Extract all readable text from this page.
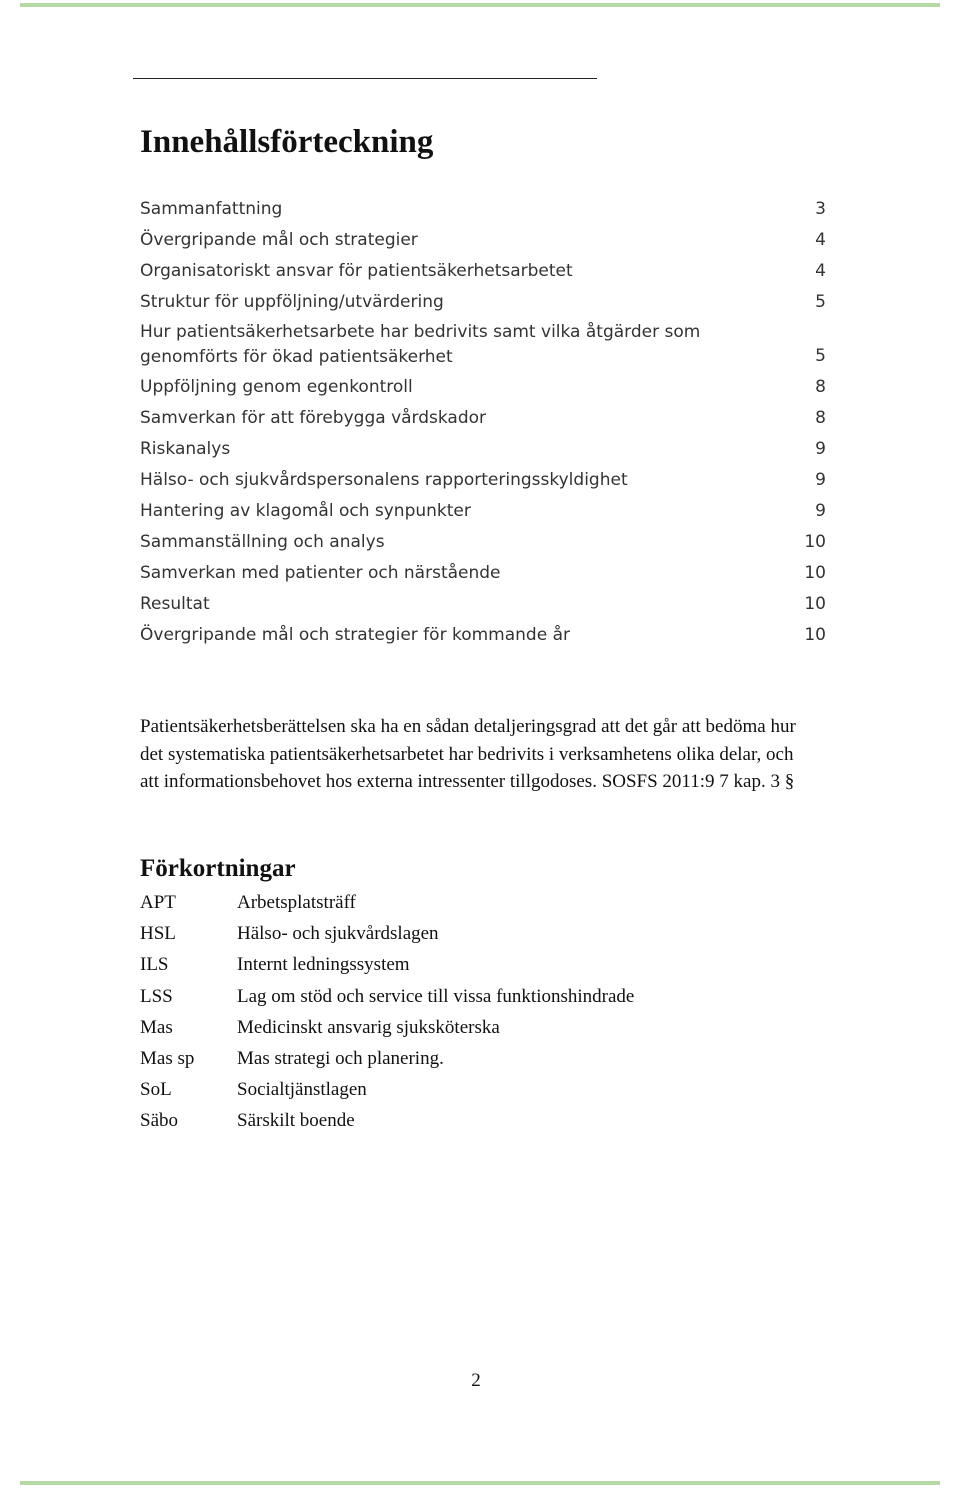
Innehållsförteckning
Sammanfattning	3
Övergripande mål och strategier	4
Organisatoriskt ansvar för patientsäkerhetsarbetet	4
Struktur för uppföljning/utvärdering	5
Hur patientsäkerhetsarbete har bedrivits samt vilka åtgärder som genomförts för ökad patientsäkerhet	5
Uppföljning genom egenkontroll	8
Samverkan för att förebygga vårdskador	8
Riskanalys	9
Hälso- och sjukvårdspersonalens rapporteringsskyldighet	9
Hantering av klagomål och synpunkter	9
Sammanställning och analys	10
Samverkan med patienter och närstående	10
Resultat	10
Övergripande mål och strategier för kommande år	10

Patientsäkerhetsberättelsen ska ha en sådan detaljeringsgrad att det går att bedöma hur det systematiska patientsäkerhetsarbetet har bedrivits i verksamhetens olika delar, och att informationsbehovet hos externa intressenter tillgodoses. SOSFS 2011:9 7 kap. 3 §

Förkortningar
APT	Arbetsplatsträff
HSL	Hälso- och sjukvårdslagen
ILS	Internt ledningssystem
LSS	Lag om stöd och service till vissa funktionshindrade
Mas	Medicinskt ansvarig sjuksköterska
Mas sp	Mas strategi och planering.
SoL	Socialtjänstlagen
Säbo	Särskilt boende
2
